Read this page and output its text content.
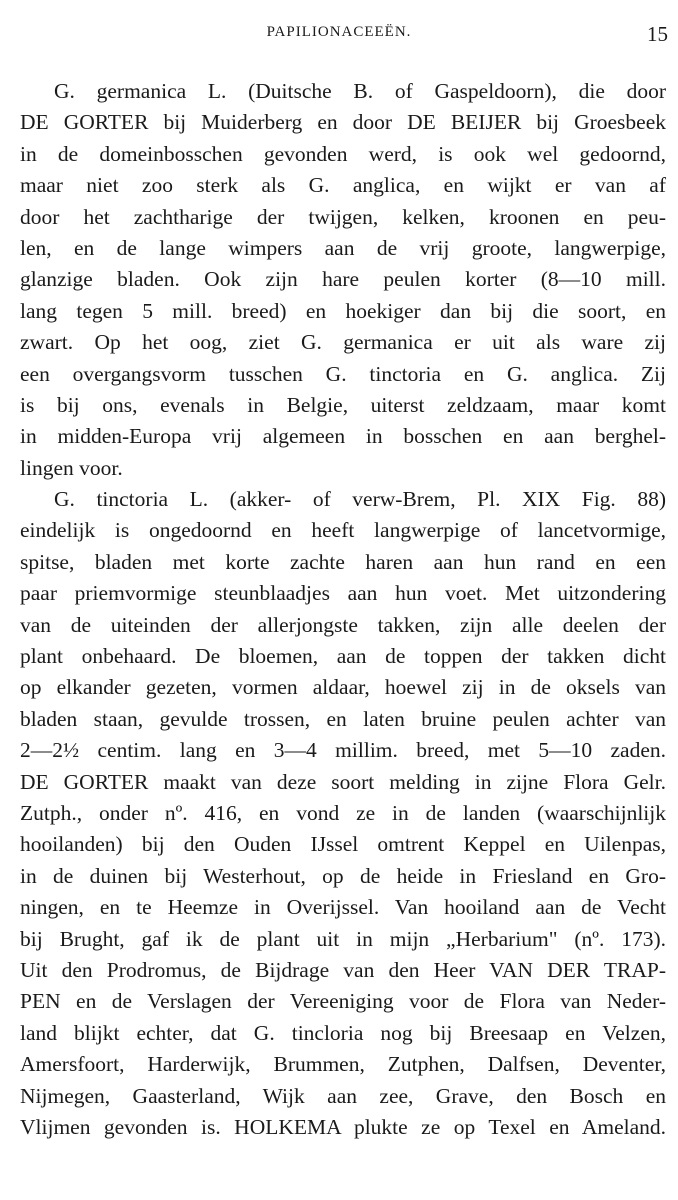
PAPILIONACEEËN.	15
G. germanica L. (Duitsche B. of Gaspeldoorn), die door
DE GORTER bij Muiderberg en door DE BEIJER bij Groesbeek
in de domeinbosschen gevonden werd, is ook wel gedoornd,
maar niet zoo sterk als G. anglica, en wijkt er van af
door het zachtharige der twijgen, kelken, kroonen en peu-
len, en de lange wimpers aan de vrij groote, langwerpige,
glanzige bladen. Ook zijn hare peulen korter (8—10 mill.
lang tegen 5 mill. breed) en hoekiger dan bij die soort, en
zwart. Op het oog, ziet G. germanica er uit als ware zij
een overgangsvorm tusschen G. tinctoria en G. anglica. Zij
is bij ons, evenals in Belgie, uiterst zeldzaam, maar komt
in midden-Europa vrij algemeen in bosschen en aan berghel-
lingen voor.
G. tinctoria L. (akker- of verw-Brem, Pl. XIX Fig. 88)
eindelijk is ongedoornd en heeft langwerpige of lancetvormige,
spitse, bladen met korte zachte haren aan hun rand en een
paar priemvormige steunblaadjes aan hun voet. Met uitzondering
van de uiteinden der allerjongste takken, zijn alle deelen der
plant onbehaard. De bloemen, aan de toppen der takken dicht
op elkander gezeten, vormen aldaar, hoewel zij in de oksels van
bladen staan, gevulde trossen, en laten bruine peulen achter van
2—2½ centim. lang en 3—4 millim. breed, met 5—10 zaden.
DE GORTER maakt van deze soort melding in zijne Flora Gelr.
Zutph., onder nº. 416, en vond ze in de landen (waarschijnlijk
hooilanden) bij den Ouden IJssel omtrent Keppel en Uilenpas,
in de duinen bij Westerhout, op de heide in Friesland en Gro-
ningen, en te Heemze in Overijssel. Van hooiland aan de Vecht
bij Brught, gaf ik de plant uit in mijn „Herbarium" (nº. 173).
Uit den Prodromus, de Bijdrage van den Heer VAN DER TRAP-
PEN en de Verslagen der Vereeniging voor de Flora van Neder-
land blijkt echter, dat G. tincloria nog bij Breesaap en Velzen,
Amersfoort, Harderwijk, Brummen, Zutphen, Dalfsen, Deventer,
Nijmegen, Gaasterland, Wijk aan zee, Grave, den Bosch en
Vlijmen gevonden is. HOLKEMA plukte ze op Texel en Ameland.
